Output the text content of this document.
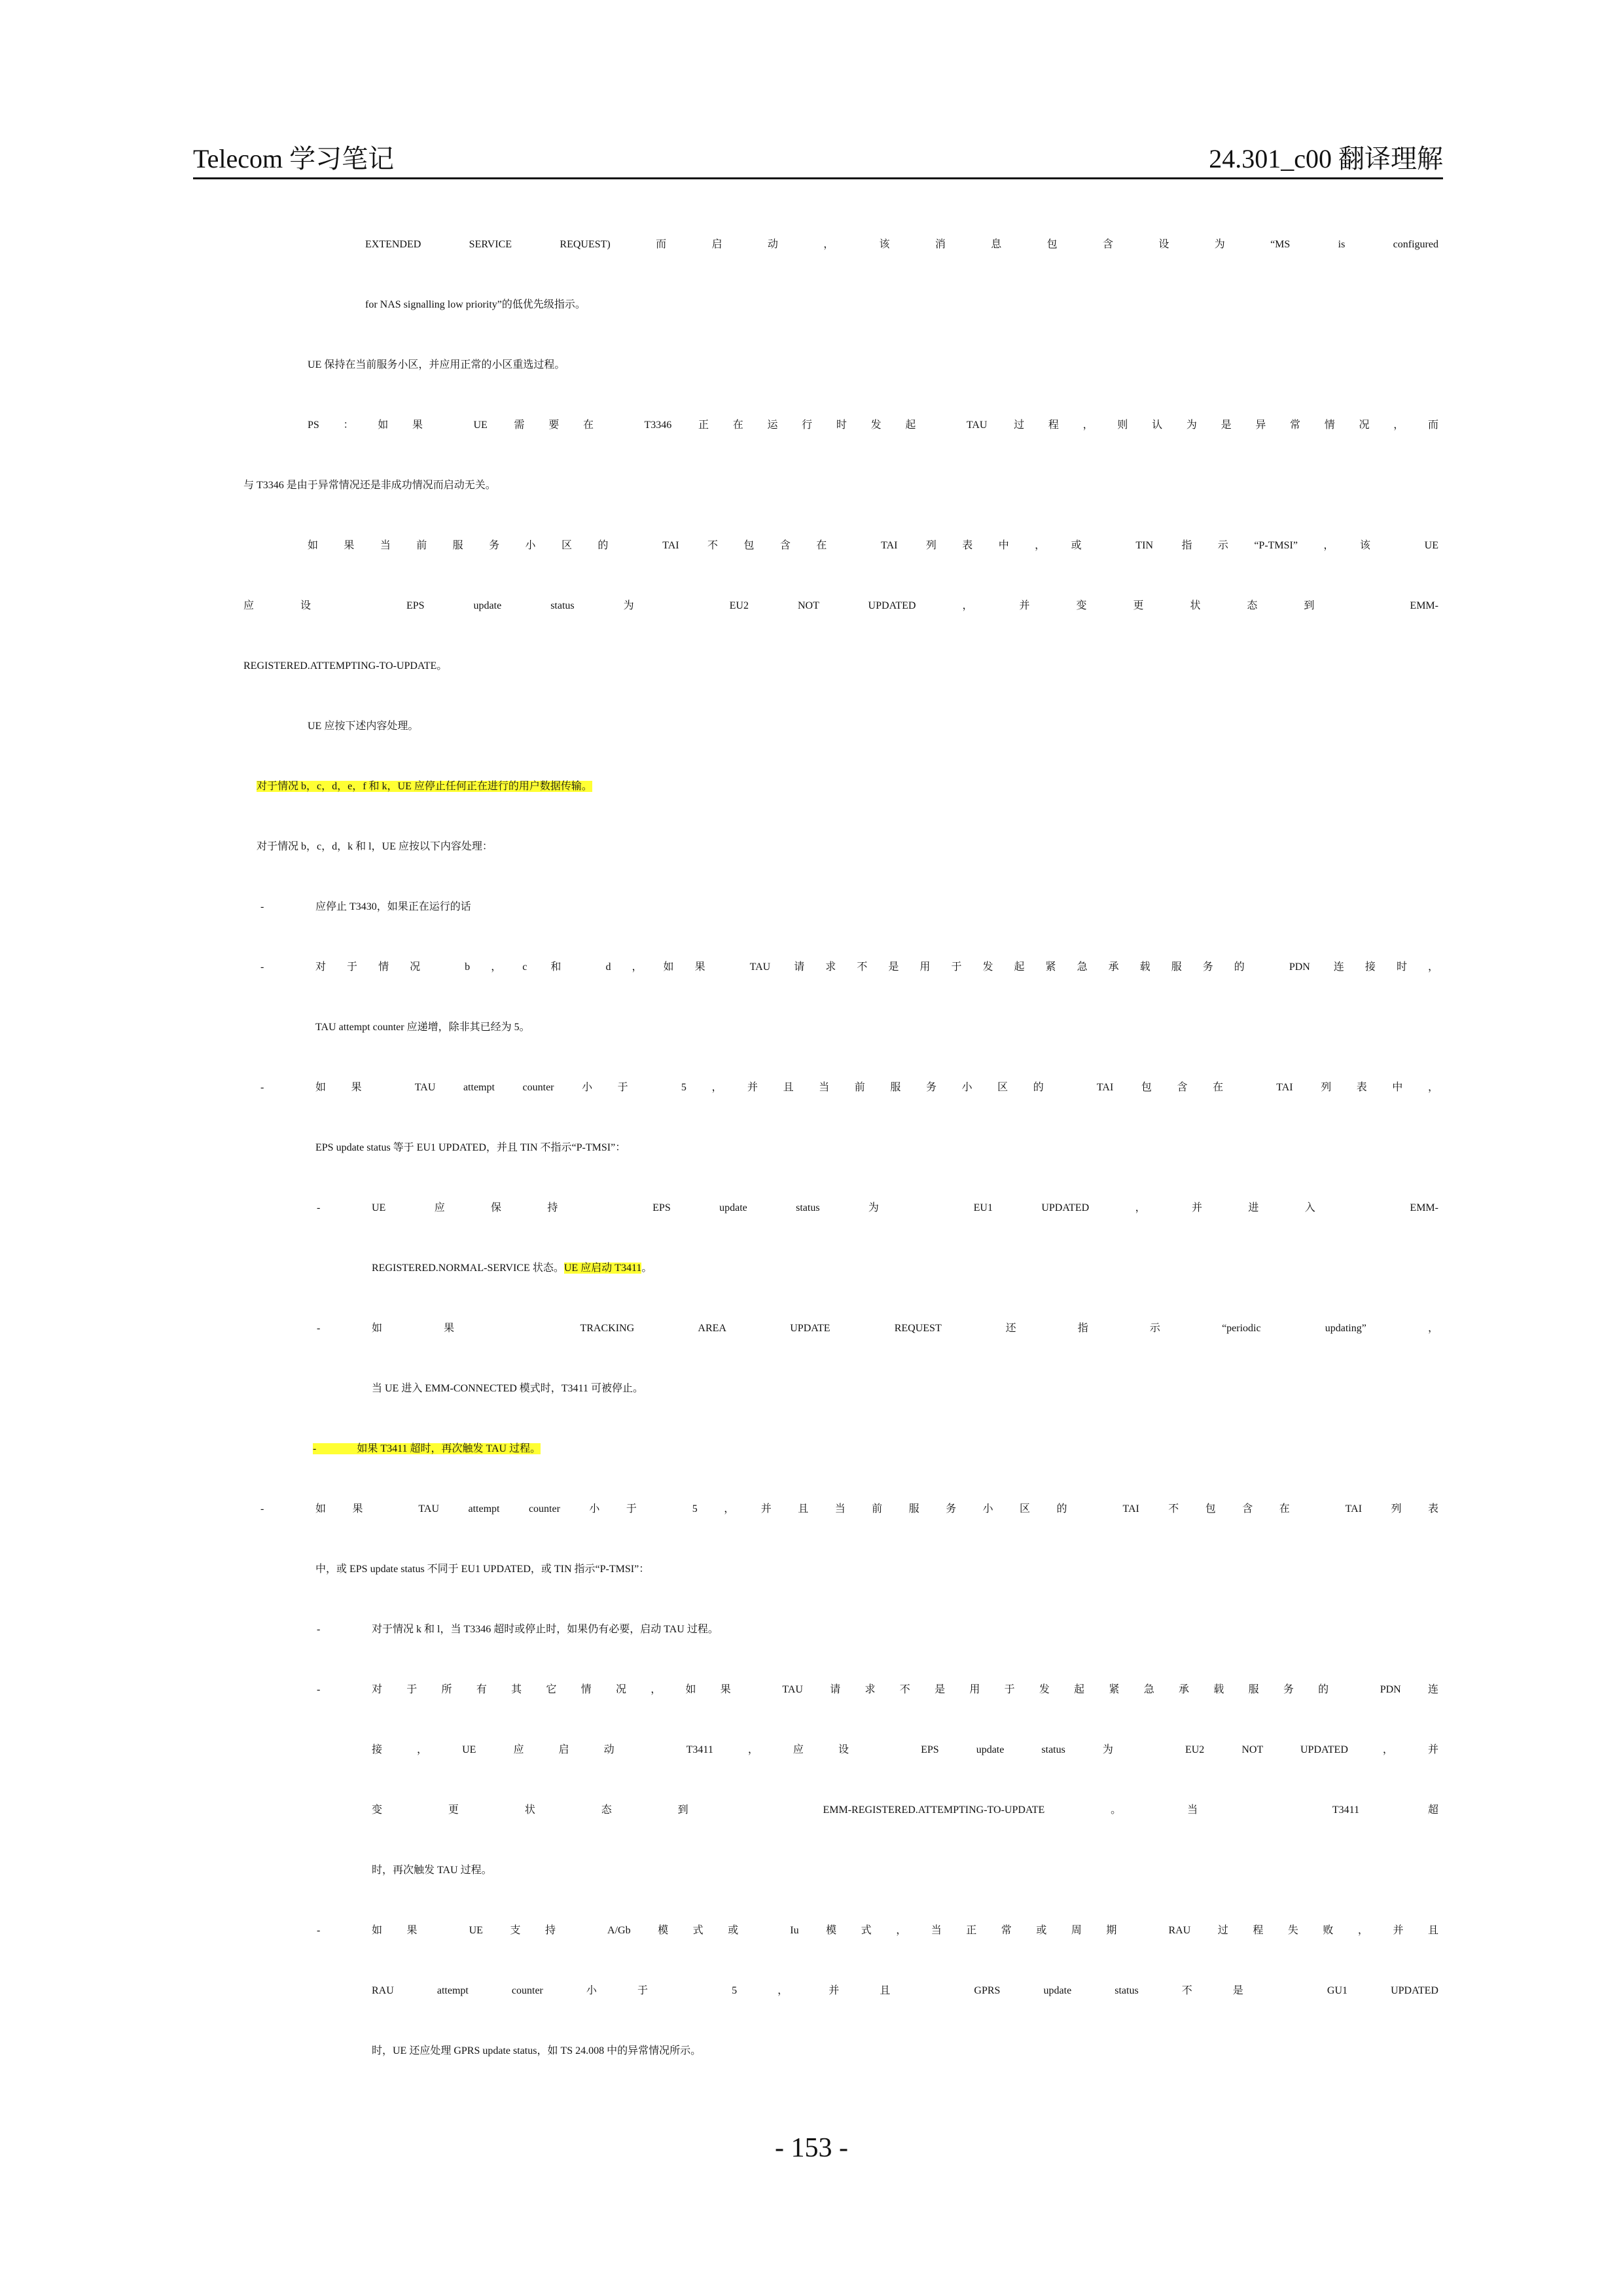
Telecom 学习笔记	24.301_c00 翻译理解
EXTENDED SERVICE REQUEST)而启动，该消息包含设为“MS is configured
for NAS signalling low priority”的低优先级指示。
UE 保持在当前服务小区，并应用正常的小区重选过程。
PS：如果 UE 需要在 T3346 正在运行时发起 TAU 过程，则认为是异常情况，而
与 T3346 是由于异常情况还是非成功情况而启动无关。
如果当前服务小区的 TAI 不包含在 TAI 列表中，或 TIN 指示“P-TMSI”，该 UE
应设 EPS update status 为 EU2 NOT UPDATED，并变更状态到 EMM-
REGISTERED.ATTEMPTING-TO-UPDATE。
UE 应按下述内容处理。
对于情况 b，c，d，e，f 和 k，UE 应停止任何正在进行的用户数据传输。
对于情况 b，c，d，k 和 l，UE 应按以下内容处理：
-	应停止 T3430，如果正在运行的话
-	对于情况 b，c 和 d，如果 TAU 请求不是用于发起紧急承载服务的 PDN 连接时，
TAU attempt counter 应递增，除非其已经为 5。
-	如果 TAU attempt counter 小于 5，并且当前服务小区的 TAI 包含在 TAI 列表中，
EPS update status 等于 EU1 UPDATED，并且 TIN 不指示“P-TMSI”：
-	UE 应保持 EPS update status 为 EU1 UPDATED，并进入 EMM-
REGISTERED.NORMAL-SERVICE 状态。UE 应启动 T3411。
-	如果 TRACKING AREA UPDATE REQUEST 还指示“periodic updating”，
当 UE 进入 EMM-CONNECTED 模式时，T3411 可被停止。
-	如果 T3411 超时，再次触发 TAU 过程。
-	如果 TAU attempt counter 小于 5，并且当前服务小区的 TAI 不包含在 TAI 列表
中，或 EPS update status 不同于 EU1 UPDATED，或 TIN 指示“P-TMSI”：
-	对于情况 k 和 l，当 T3346 超时或停止时，如果仍有必要，启动 TAU 过程。
-	对于所有其它情况，如果 TAU 请求不是用于发起紧急承载服务的 PDN 连
接，UE 应启动 T3411，应设 EPS update status 为 EU2 NOT UPDATED，并
变更状态到 EMM-REGISTERED.ATTEMPTING-TO-UPDATE。当 T3411 超
时，再次触发 TAU 过程。
-	如果 UE 支持 A/Gb 模式或 Iu 模式，当正常或周期 RAU 过程失败，并且
RAU attempt counter 小于 5，并且 GPRS update status 不是 GU1 UPDATED
时，UE 还应处理 GPRS update status，如 TS 24.008 中的异常情况所示。
- 153 -
